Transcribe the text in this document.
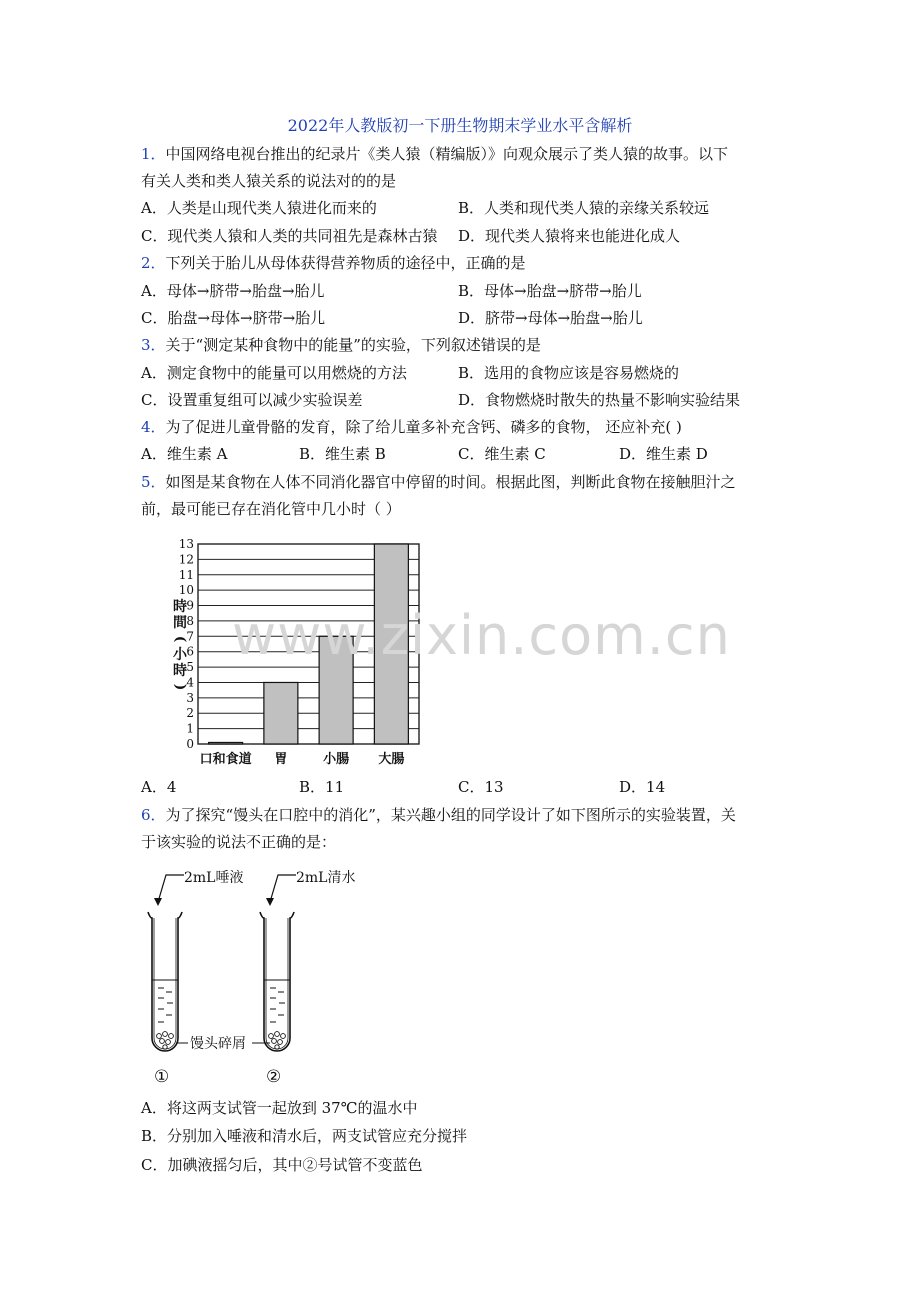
2022年人教版初一下册生物期末学业水平含解析
1．中国网络电视台推出的纪录片《类人猿（精编版）》向观众展示了类人猿的故事。以下
有关人类和类人猿关系的说法对的的是
A．人类是山现代类人猿进化而来的	B．人类和现代类人猿的亲缘关系较远
C．现代类人猿和人类的共同祖先是森林古猿 D．现代类人猿将来也能进化成人
2．下列关于胎儿从母体获得营养物质的途径中，正确的是
A．母体→脐带→胎盘→胎儿	B．母体→胎盘→脐带→胎儿
C．胎盘→母体→脐带→胎儿	D．脐带→母体→胎盘→胎儿
3．关于“测定某种食物中的能量”的实验，下列叙述错误的是
A．测定食物中的能量可以用燃烧的方法	B．选用的食物应该是容易燃烧的
C．设置重复组可以减少实验误差	D．食物燃烧时散失的热量不影响实验结果
4．为了促进儿童骨骼的发育，除了给儿童多补充含钙、磷多的食物， 还应补充( )
A．维生素 A	B．维生素 B	C．维生素 C	D．维生素 D
5．如图是某食物在人体不同消化器官中停留的时间。根据此图，判断此食物在接触胆汁之
前，最可能已存在消化管中几小时（ ）
0
1
2
3
4
5
6
7
8
9
10
11
12
13
口和食道 胃	小腸 大腸
時
間
(
小
時
)
A．4	B．11	C．13	D．14
6．为了探究“馒头在口腔中的消化”，某兴趣小组的同学设计了如下图所示的实验装置，关
于该实验的说法不正确的是：
2mL唾液	2mL清水
馒头碎屑
①	②
A．将这两支试管一起放到 37℃的温水中
B．分别加入唾液和清水后，两支试管应充分搅拌
C．加碘液摇匀后，其中②号试管不变蓝色
www.zixin.com.cn
